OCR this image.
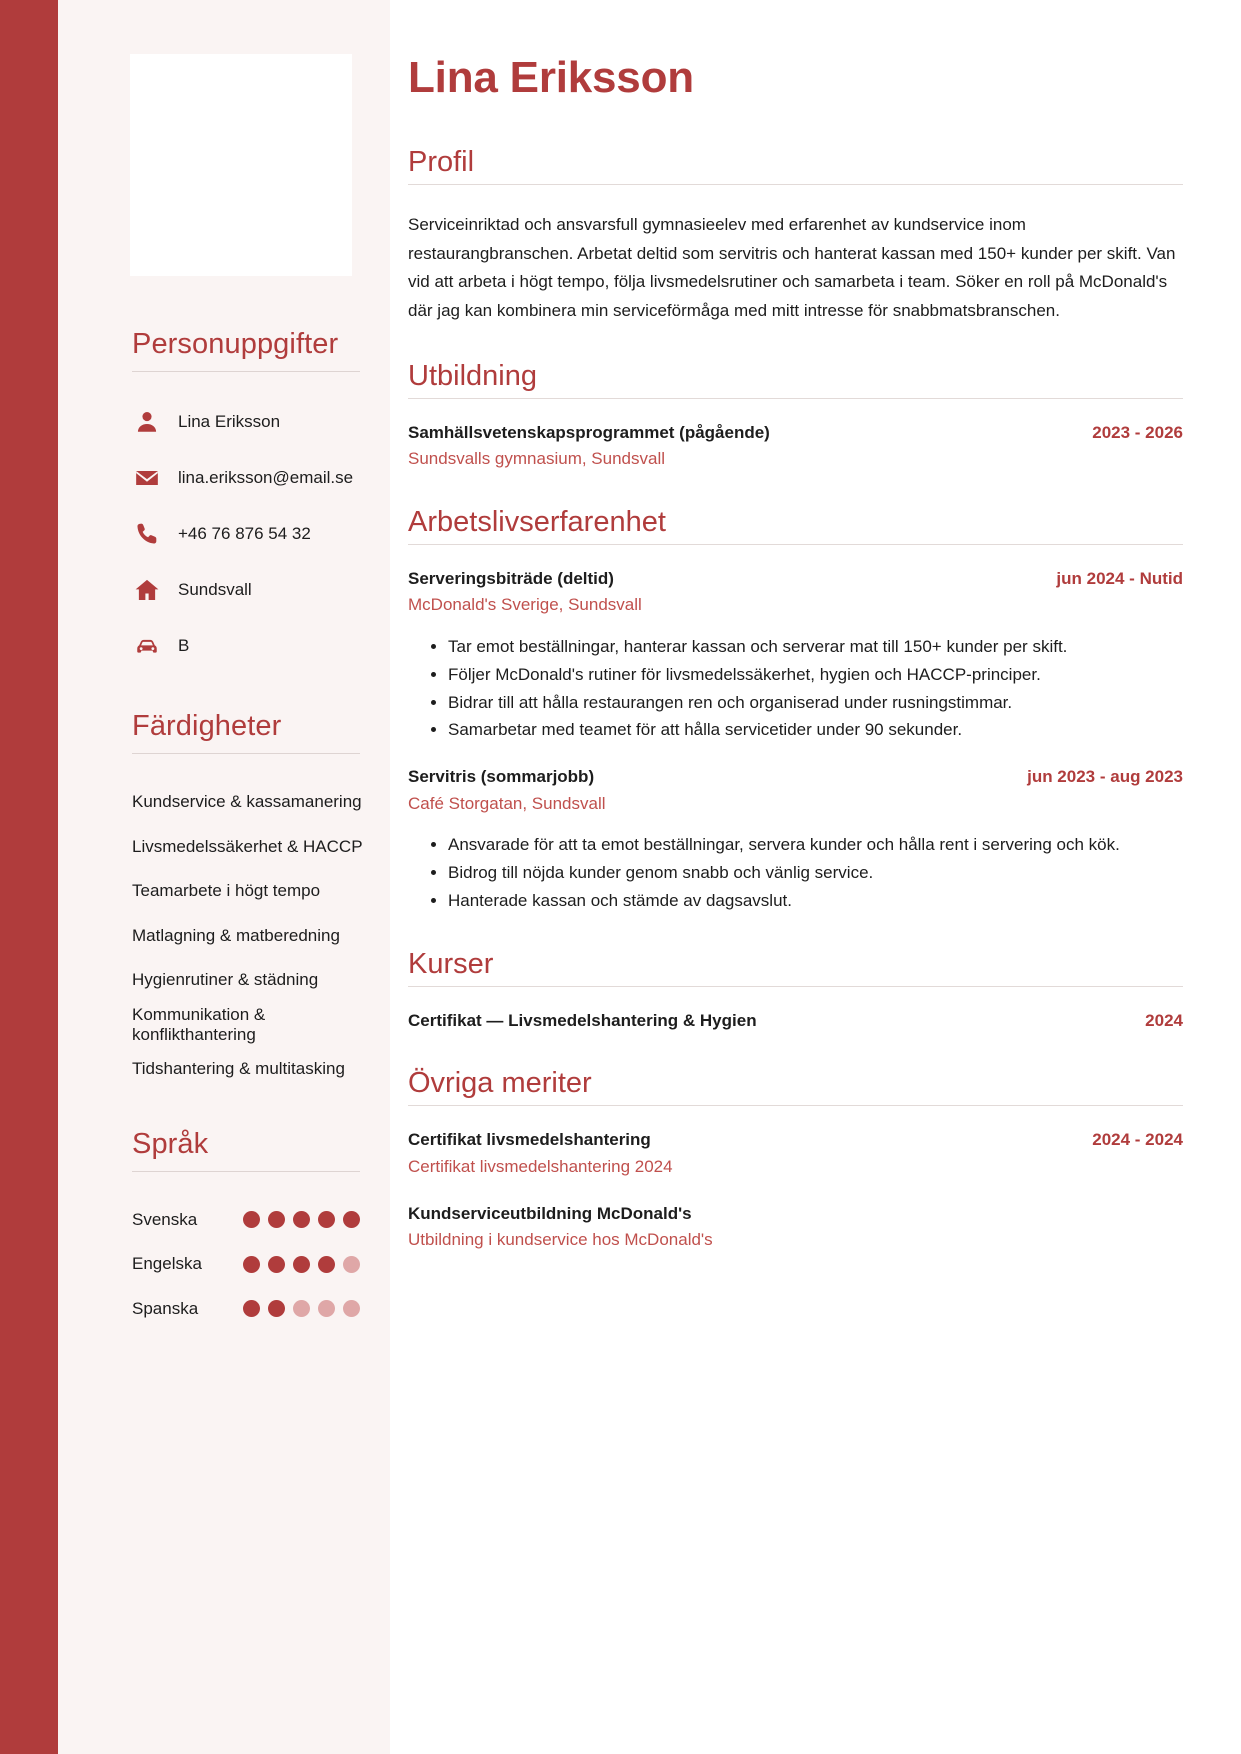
Personuppgifter
Lina Eriksson
lina.eriksson@email.se
+46 76 876 54 32
Sundsvall
B
Färdigheter
Kundservice & kassamanering
Livsmedelssäkerhet & HACCP
Teamarbete i högt tempo
Matlagning & matberedning
Hygienrutiner & städning
Kommunikation & konflikthantering
Tidshantering & multitasking
Språk
Svenska
Engelska
Spanska
Lina Eriksson
Profil

Serviceinriktad och ansvarsfull gymnasieelev med erfarenhet av kundservice inom restaurangbranschen. Arbetat deltid som servitris och hanterat kassan med 150+ kunder per skift. Van vid att arbeta i högt tempo, följa livsmedelsrutiner och samarbeta i team. Söker en roll på McDonald's där jag kan kombinera min serviceförmåga med mitt intresse för snabbmatsbranschen.

Utbildning
Samhällsvetenskapsprogrammet (pågående)	2023 - 2026
Sundsvalls gymnasium, Sundsvall
Arbetslivserfarenhet
Serveringsbiträde (deltid)	jun 2024 - Nutid
McDonald's Sverige, Sundsvall
• Tar emot beställningar, hanterar kassan och serverar mat till 150+ kunder per skift.
• Följer McDonald's rutiner för livsmedelssäkerhet, hygien och HACCP-principer.
• Bidrar till att hålla restaurangen ren och organiserad under rusningstimmar.
• Samarbetar med teamet för att hålla servicetider under 90 sekunder.
Servitris (sommarjobb)	jun 2023 - aug 2023
Café Storgatan, Sundsvall
• Ansvarade för att ta emot beställningar, servera kunder och hålla rent i servering och kök.
• Bidrog till nöjda kunder genom snabb och vänlig service.
• Hanterade kassan och stämde av dagsavslut.
Kurser
Certifikat — Livsmedelshantering & Hygien	2024
Övriga meriter
Certifikat livsmedelshantering	2024 - 2024
Certifikat livsmedelshantering 2024
Kundserviceutbildning McDonald's
Utbildning i kundservice hos McDonald's
